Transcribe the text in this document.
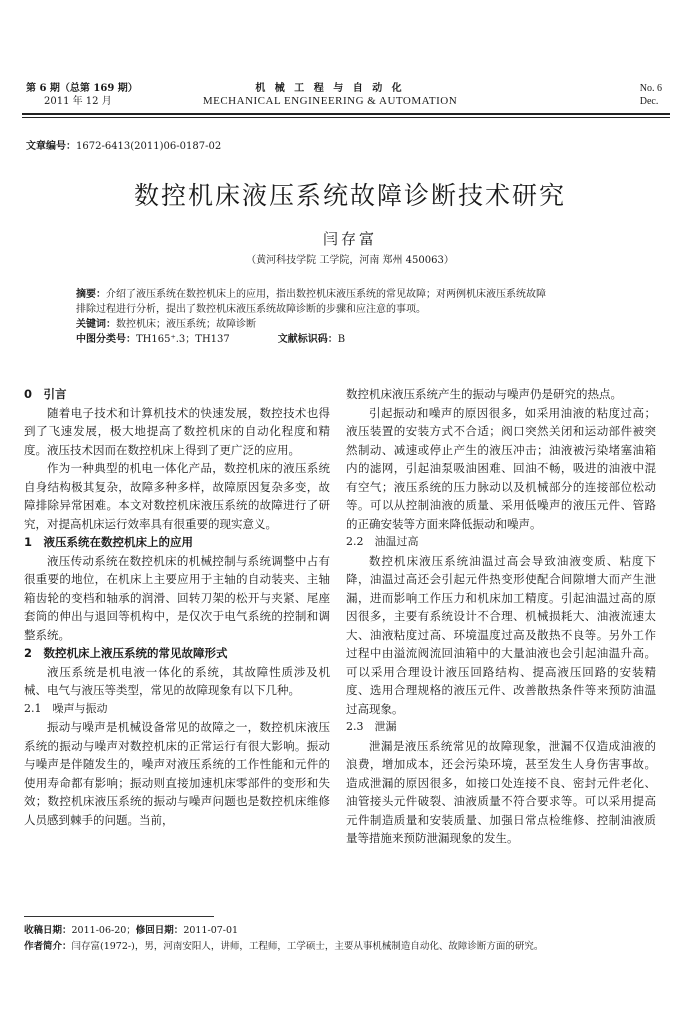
第 6 期（总第 169 期）
2011 年 12 月
机 械 工 程 与 自 动 化
MECHANICAL ENGINEERING & AUTOMATION
No. 6
Dec.
文章编号：1672-6413(2011)06-0187-02
数控机床液压系统故障诊断技术研究
闫存富
（黄河科技学院 工学院，河南 郑州 450063）
摘要：介绍了液压系统在数控机床上的应用，指出数控机床液压系统的常见故障；对两例机床液压系统故障
排除过程进行分析，提出了数控机床液压系统故障诊断的步骤和应注意的事项。
关键词：数控机床；液压系统；故障诊断
中图分类号：TH165⁺.3；TH137	文献标识码：B
0　引言

随着电子技术和计算机技术的快速发展，数控技术也得到了飞速发展，极大地提高了数控机床的自动化程度和精度。液压技术因而在数控机床上得到了更广泛的应用。

作为一种典型的机电一体化产品，数控机床的液压系统自身结构极其复杂，故障多种多样，故障原因复杂多变，故障排除异常困难。本文对数控机床液压系统的故障进行了研究，对提高机床运行效率具有很重要的现实意义。

1　液压系统在数控机床上的应用

液压传动系统在数控机床的机械控制与系统调整中占有很重要的地位，在机床上主要应用于主轴的自动装夹、主轴箱齿轮的变档和轴承的润滑、回转刀架的松开与夹紧、尾座套筒的伸出与退回等机构中，是仅次于电气系统的控制和调整系统。

2　数控机床上液压系统的常见故障形式

液压系统是机电液一体化的系统，其故障性质涉及机械、电气与液压等类型，常见的故障现象有以下几种。

2.1　噪声与振动

振动与噪声是机械设备常见的故障之一，数控机床液压系统的振动与噪声对数控机床的正常运行有很大影响。振动与噪声是伴随发生的，噪声对液压系统的工作性能和元件的使用寿命都有影响；振动则直接加速机床零部件的变形和失效；数控机床液压系统的振动与噪声问题也是数控机床维修人员感到棘手的问题。当前，

数控机床液压系统产生的振动与噪声仍是研究的热点。

引起振动和噪声的原因很多，如采用油液的粘度过高；液压装置的安装方式不合适；阀口突然关闭和运动部件被突然制动、减速或停止产生的液压冲击；油液被污染堵塞油箱内的滤网，引起油泵吸油困难、回油不畅，吸进的油液中混有空气；液压系统的压力脉动以及机械部分的连接部位松动等。可以从控制油液的质量、采用低噪声的液压元件、管路的正确安装等方面来降低振动和噪声。

2.2　油温过高

数控机床液压系统油温过高会导致油液变质、粘度下降，油温过高还会引起元件热变形使配合间隙增大而产生泄漏，进而影响工作压力和机床加工精度。引起油温过高的原因很多，主要有系统设计不合理、机械损耗大、油液流速太大、油液粘度过高、环境温度过高及散热不良等。另外工作过程中由溢流阀流回油箱中的大量油液也会引起油温升高。可以采用合理设计液压回路结构、提高液压回路的安装精度、选用合理规格的液压元件、改善散热条件等来预防油温过高现象。

2.3　泄漏

泄漏是液压系统常见的故障现象，泄漏不仅造成油液的浪费，增加成本，还会污染环境，甚至发生人身伤害事故。造成泄漏的原因很多，如接口处连接不良、密封元件老化、油管接头元件破裂、油液质量不符合要求等。可以采用提高元件制造质量和安装质量、加强日常点检维修、控制油液质量等措施来预防泄漏现象的发生。

收稿日期：2011-06-20；修回日期：2011-07-01
作者简介：闫存富(1972-)，男，河南安阳人，讲师，工程师，工学硕士，主要从事机械制造自动化、故障诊断方面的研究。
